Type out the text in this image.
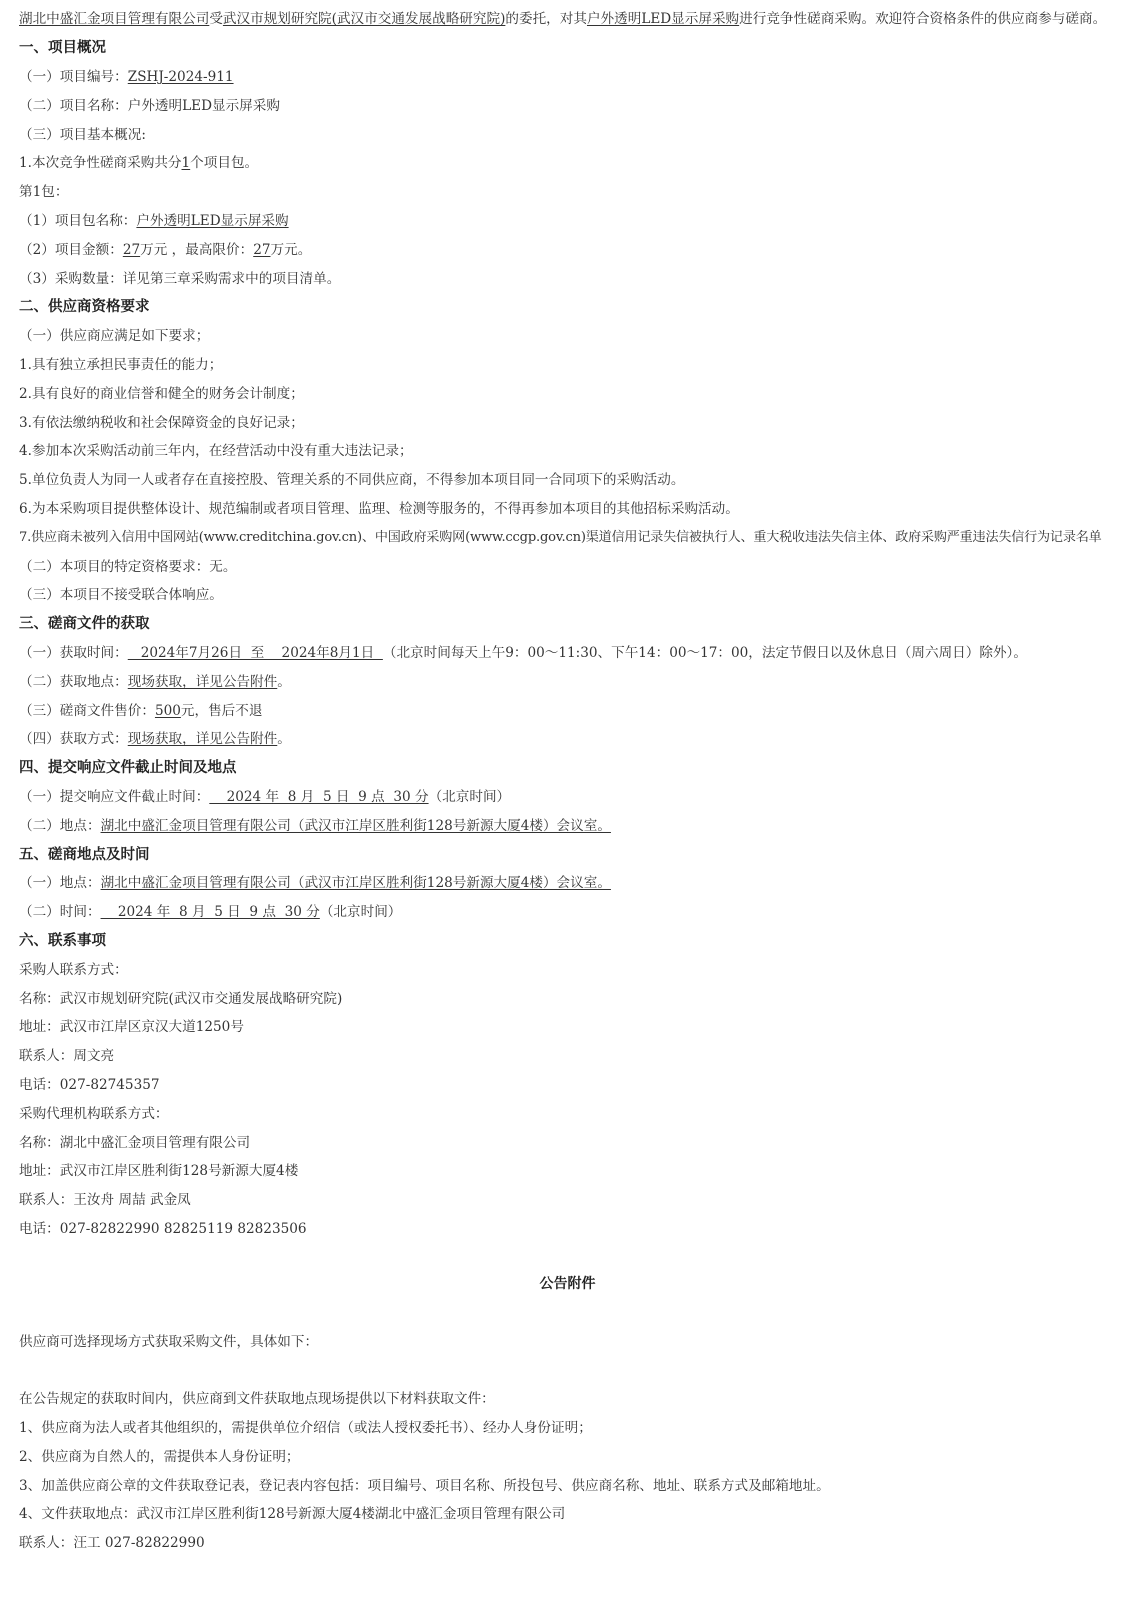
湖北中盛汇金项目管理有限公司受武汉市规划研究院(武汉市交通发展战略研究院)的委托，对其户外透明LED显示屏采购进行竞争性磋商采购。欢迎符合资格条件的供应商参与磋商。
一、项目概况
（一）项目编号：ZSHJ-2024-911
（二）项目名称：户外透明LED显示屏采购
（三）项目基本概况:
1.本次竞争性磋商采购共分1个项目包。
第1包：
（1）项目包名称：户外透明LED显示屏采购
（2）项目金额：27万元 ，最高限价：27万元。
（3）采购数量：详见第三章采购需求中的项目清单。
二、供应商资格要求
（一）供应商应满足如下要求；
1.具有独立承担民事责任的能力；
2.具有良好的商业信誉和健全的财务会计制度；
3.有依法缴纳税收和社会保障资金的良好记录；
4.参加本次采购活动前三年内，在经营活动中没有重大违法记录；
5.单位负责人为同一人或者存在直接控股、管理关系的不同供应商，不得参加本项目同一合同项下的采购活动。
6.为本采购项目提供整体设计、规范编制或者项目管理、监理、检测等服务的，不得再参加本项目的其他招标采购活动。
7.供应商未被列入信用中国网站(www.creditchina.gov.cn)、中国政府采购网(www.ccgp.gov.cn)渠道信用记录失信被执行人、重大税收违法失信主体、政府采购严重违法失信行为记录名单
（二）本项目的特定资格要求：无。
（三）本项目不接受联合体响应。
三、磋商文件的获取
（一）获取时间：   2024年7月26日  至    2024年8月1日  （北京时间每天上午9：00～11:30、下午14：00～17：00，法定节假日以及休息日（周六周日）除外）。
（二）获取地点：现场获取，详见公告附件。
（三）磋商文件售价：500元，售后不退
（四）获取方式：现场获取，详见公告附件。
四、提交响应文件截止时间及地点
（一）提交响应文件截止时间：    2024 年  8 月  5 日  9 点  30 分（北京时间）
（二）地点：湖北中盛汇金项目管理有限公司（武汉市江岸区胜利街128号新源大厦4楼）会议室。
五、磋商地点及时间
（一）地点：湖北中盛汇金项目管理有限公司（武汉市江岸区胜利街128号新源大厦4楼）会议室。
（二）时间：    2024 年  8 月  5 日  9 点  30 分（北京时间）
六、联系事项
采购人联系方式：
名称：武汉市规划研究院(武汉市交通发展战略研究院)
地址：武汉市江岸区京汉大道1250号
联系人：周文亮
电话：027-82745357
采购代理机构联系方式：
名称：湖北中盛汇金项目管理有限公司
地址：武汉市江岸区胜利街128号新源大厦4楼
联系人：王汝舟 周喆 武金凤
电话：027-82822990 82825119 82823506
公告附件
供应商可选择现场方式获取采购文件，具体如下：
在公告规定的获取时间内，供应商到文件获取地点现场提供以下材料获取文件：
1、供应商为法人或者其他组织的，需提供单位介绍信（或法人授权委托书）、经办人身份证明；
2、供应商为自然人的，需提供本人身份证明；
3、加盖供应商公章的文件获取登记表，登记表内容包括：项目编号、项目名称、所投包号、供应商名称、地址、联系方式及邮箱地址。
4、文件获取地点：武汉市江岸区胜利街128号新源大厦4楼湖北中盛汇金项目管理有限公司
联系人：汪工 027-82822990
